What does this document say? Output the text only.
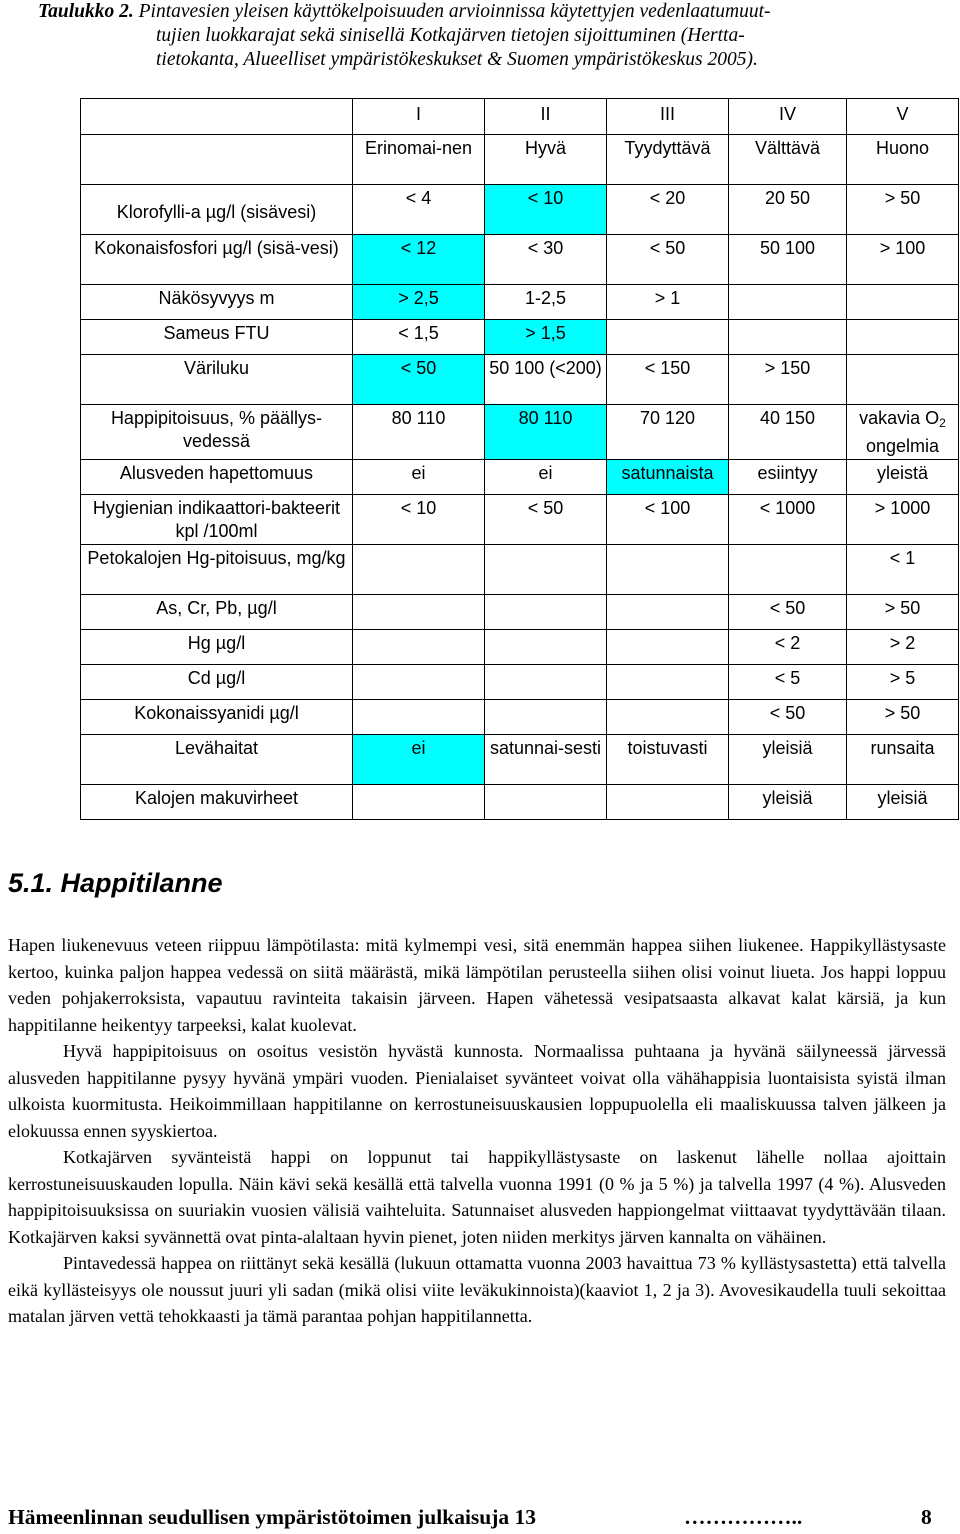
Taulukko 2. Pintavesien yleisen käyttökelpoisuuden arvioinnissa käytettyjen vedenlaatumuut-
tujien luokkarajat sekä sinisellä Kotkajärven tietojen sijoittuminen (Hertta-
tietokanta, Alueelliset ympäristökeskukset & Suomen ympäristökeskus 2005).
	I	II	III	IV	V
	Erinomai-nen	Hyvä	Tyydyttävä	Välttävä	Huono

Klorofylli-a µg/l (sisävesi)	< 4	< 10	< 20	20 50	> 50
Kokonaisfosfori µg/l (sisä-vesi)	< 12	< 30	< 50	50 100	> 100
Näkösyvyys m	> 2,5	1-2,5	> 1		
Sameus FTU	< 1,5	> 1,5			
Väriluku	< 50	50 100 (<200)	< 150	> 150	
Happipitoisuus, % päällys-vedessä	80 110	80 110	70 120	40 150	vakavia $O_2$ ongelmia
Alusveden hapettomuus	ei	ei	satunnaista	esiintyy	yleistä
Hygienian indikaattori-bakteerit kpl /100ml	< 10	< 50	< 100	< 1000	> 1000
Petokalojen Hg-pitoisuus, mg/kg					< 1
As, Cr, Pb, µg/l				< 50	> 50
Hg µg/l				< 2	> 2
Cd µg/l				< 5	> 5
Kokonaissyanidi µg/l				< 50	> 50
Levähaitat	ei	satunnai-sesti	toistuvasti	yleisiä	runsaita
Kalojen makuvirheet				yleisiä	yleisiä
5.1. Happitilanne

Hapen liukenevuus veteen riippuu lämpötilasta: mitä kylmempi vesi, sitä enemmän happea siihen liukenee. Happikyllästysaste kertoo, kuinka paljon happea vedessä on siitä määrästä, mikä lämpötilan perusteella siihen olisi voinut liueta. Jos happi loppuu veden pohjakerroksista, vapautuu ravinteita takaisin järveen. Hapen vähetessä vesipatsaasta alkavat kalat kärsiä, ja kun happitilanne heikentyy tarpeeksi, kalat kuolevat.

Hyvä happipitoisuus on osoitus vesistön hyvästä kunnosta. Normaalissa puhtaana ja hyvänä säilyneessä järvessä alusveden happitilanne pysyy hyvänä ympäri vuoden. Pienialaiset syvänteet voivat olla vähähappisia luontaisista syistä ilman ulkoista kuormitusta. Heikoimmillaan happitilanne on kerrostuneisuuskausien loppupuolella eli maaliskuussa talven jälkeen ja elokuussa ennen syyskiertoa.

Kotkajärven syvänteistä happi on loppunut tai happikyllästysaste on laskenut lähelle nollaa ajoittain kerrostuneisuuskauden lopulla. Näin kävi sekä kesällä että talvella vuonna 1991 (0 % ja 5 %) ja talvella 1997 (4 %). Alusveden happipitoisuuksissa on suuriakin vuosien välisiä vaihteluita. Satunnaiset alusveden happiongelmat viittaavat tyydyttävään tilaan. Kotkajärven kaksi syvännettä ovat pinta-alaltaan hyvin pienet, joten niiden merkitys järven kannalta on vähäinen.

Pintavedessä happea on riittänyt sekä kesällä (lukuun ottamatta vuonna 2003 havaittua 73 % kyllästysastetta) että talvella eikä kyllästeisyys ole noussut juuri yli sadan (mikä olisi viite leväkukinnoista)(kaaviot 1, 2 ja 3). Avovesikaudella tuuli sekoittaa matalan järven vettä tehokkaasti ja tämä parantaa pohjan happitilannetta.

Hämeenlinnan seudullisen ympäristötoimen julkaisuja 13	……………..	8
